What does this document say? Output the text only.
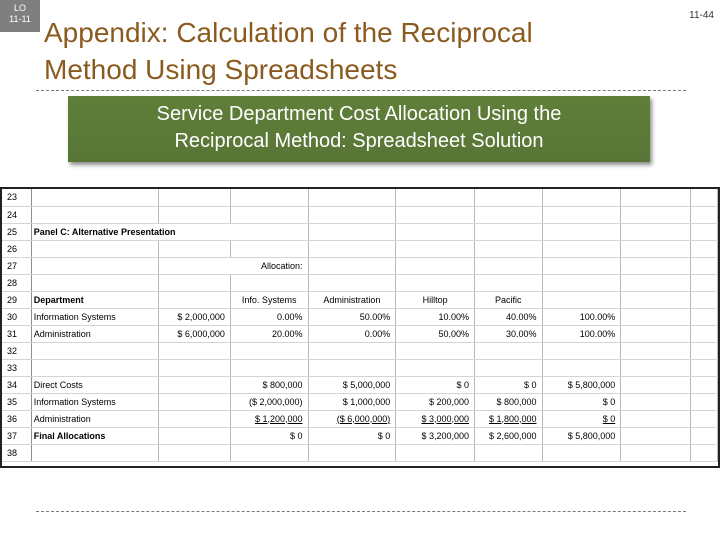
LO
11-11	11-44
Appendix: Calculation of the Reciprocal
Method Using Spreadsheets
Service Department Cost Allocation Using the
Reciprocal Method: Spreadsheet Solution
23									
24									
25	Panel C: Alternative Presentation								
26									
27		Allocation:							
28									
29	Department		Info. Systems	Administration	Hilltop	Pacific			
30	Information Systems	$ 2,000,000	0.00%	50.00%	10.00%	40.00%	100.00%		
31	Administration	$ 6,000,000	20.00%	0.00%	50.00%	30.00%	100.00%		
32									
33									
34	Direct Costs		$ 800,000	$ 5,000,000	$ 0	$ 0	$ 5,800,000		
35	Information Systems		($ 2,000,000)	$ 1,000,000	$ 200,000	$ 800,000	$ 0		
36	Administration		$ 1,200,000	($ 6,000,000)	$ 3,000,000	$ 1,800,000	$ 0		
37	Final Allocations		$ 0	$ 0	$ 3,200,000	$ 2,600,000	$ 5,800,000		
38									
